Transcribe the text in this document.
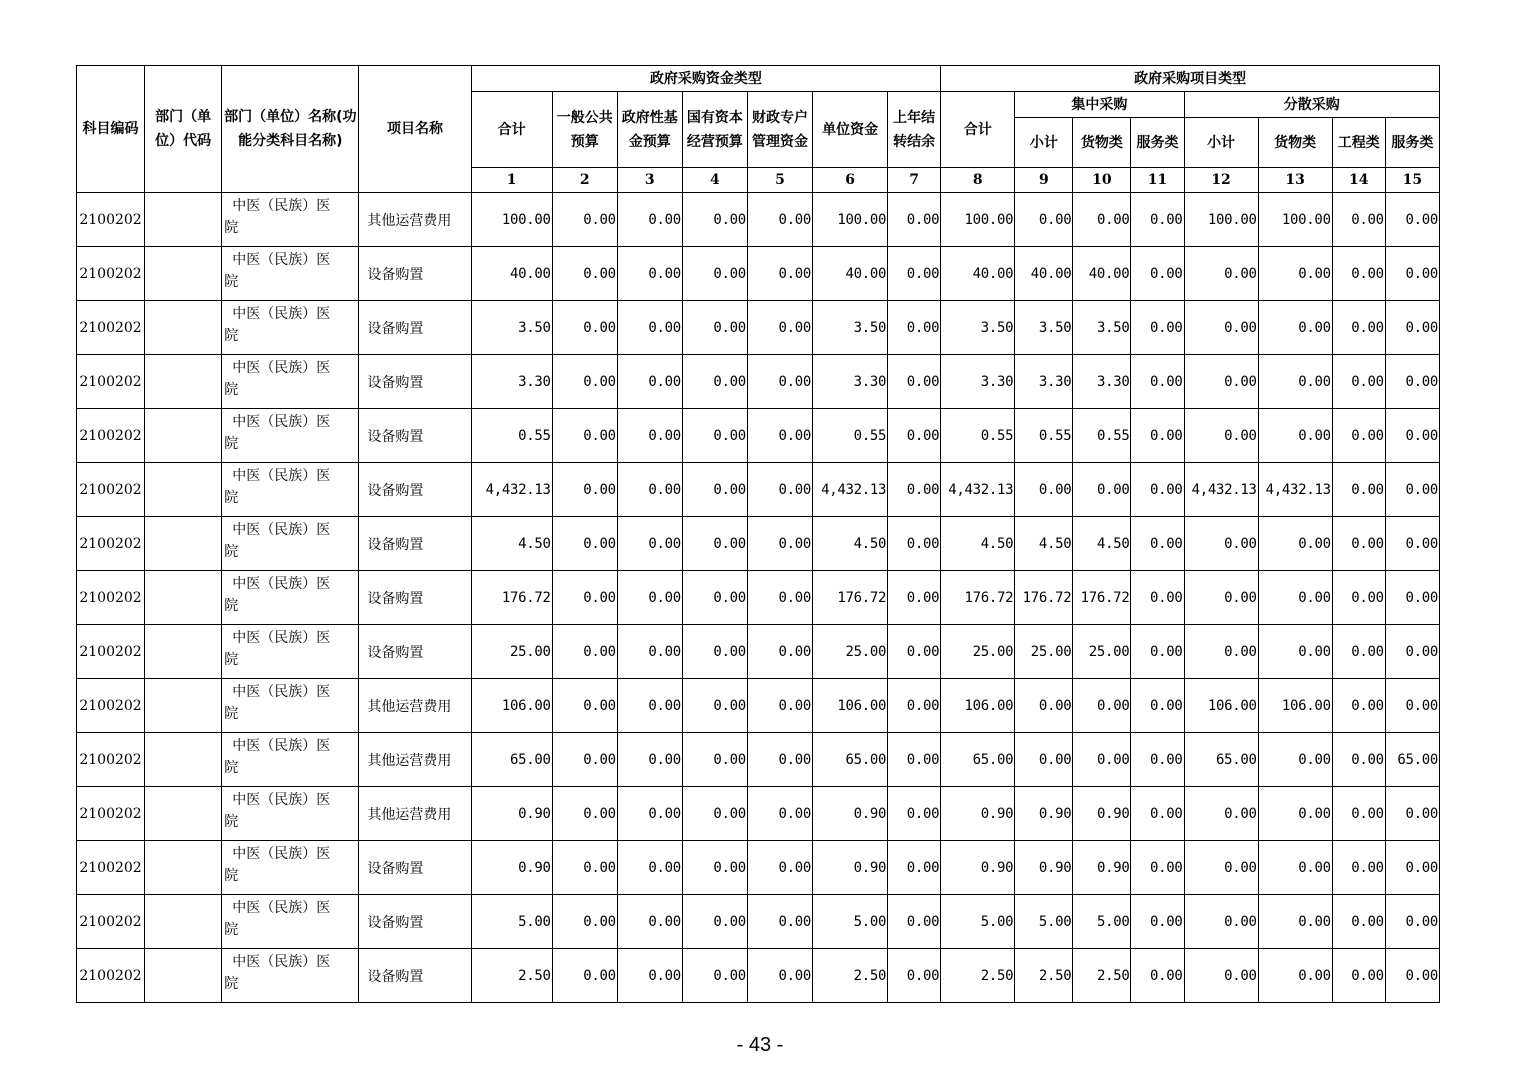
科目编码	部门（单位）代码	部门（单位）名称(功能分类科目名称)	项目名称	政府采购资金类型							政府采购项目类型							
				合计	一般公共预算	政府性基金预算	国有资本经营预算	财政专户管理资金	单位资金	上年结转结余	合计	集中采购			分散采购			
												小计	货物类	服务类	小计	货物类	工程类	服务类
				1	2	3	4	5	6	7	8	9	10	11	12	13	14	15
2100202		中医（民族）医
院	其他运营费用	100.00	0.00	0.00	0.00	0.00	100.00	0.00	100.00	0.00	0.00	0.00	100.00	100.00	0.00	0.00
2100202		中医（民族）医
院	设备购置	40.00	0.00	0.00	0.00	0.00	40.00	0.00	40.00	40.00	40.00	0.00	0.00	0.00	0.00	0.00
2100202		中医（民族）医
院	设备购置	3.50	0.00	0.00	0.00	0.00	3.50	0.00	3.50	3.50	3.50	0.00	0.00	0.00	0.00	0.00
2100202		中医（民族）医
院	设备购置	3.30	0.00	0.00	0.00	0.00	3.30	0.00	3.30	3.30	3.30	0.00	0.00	0.00	0.00	0.00
2100202		中医（民族）医
院	设备购置	0.55	0.00	0.00	0.00	0.00	0.55	0.00	0.55	0.55	0.55	0.00	0.00	0.00	0.00	0.00
2100202		中医（民族）医
院	设备购置	4,432.13	0.00	0.00	0.00	0.00	4,432.13	0.00	4,432.13	0.00	0.00	0.00	4,432.13	4,432.13	0.00	0.00
2100202		中医（民族）医
院	设备购置	4.50	0.00	0.00	0.00	0.00	4.50	0.00	4.50	4.50	4.50	0.00	0.00	0.00	0.00	0.00
2100202		中医（民族）医
院	设备购置	176.72	0.00	0.00	0.00	0.00	176.72	0.00	176.72	176.72	176.72	0.00	0.00	0.00	0.00	0.00
2100202		中医（民族）医
院	设备购置	25.00	0.00	0.00	0.00	0.00	25.00	0.00	25.00	25.00	25.00	0.00	0.00	0.00	0.00	0.00
2100202		中医（民族）医
院	其他运营费用	106.00	0.00	0.00	0.00	0.00	106.00	0.00	106.00	0.00	0.00	0.00	106.00	106.00	0.00	0.00
2100202		中医（民族）医
院	其他运营费用	65.00	0.00	0.00	0.00	0.00	65.00	0.00	65.00	0.00	0.00	0.00	65.00	0.00	0.00	65.00
2100202		中医（民族）医
院	其他运营费用	0.90	0.00	0.00	0.00	0.00	0.90	0.00	0.90	0.90	0.90	0.00	0.00	0.00	0.00	0.00
2100202		中医（民族）医
院	设备购置	0.90	0.00	0.00	0.00	0.00	0.90	0.00	0.90	0.90	0.90	0.00	0.00	0.00	0.00	0.00
2100202		中医（民族）医
院	设备购置	5.00	0.00	0.00	0.00	0.00	5.00	0.00	5.00	5.00	5.00	0.00	0.00	0.00	0.00	0.00
2100202		中医（民族）医
院	设备购置	2.50	0.00	0.00	0.00	0.00	2.50	0.00	2.50	2.50	2.50	0.00	0.00	0.00	0.00	0.00
- 43 -
